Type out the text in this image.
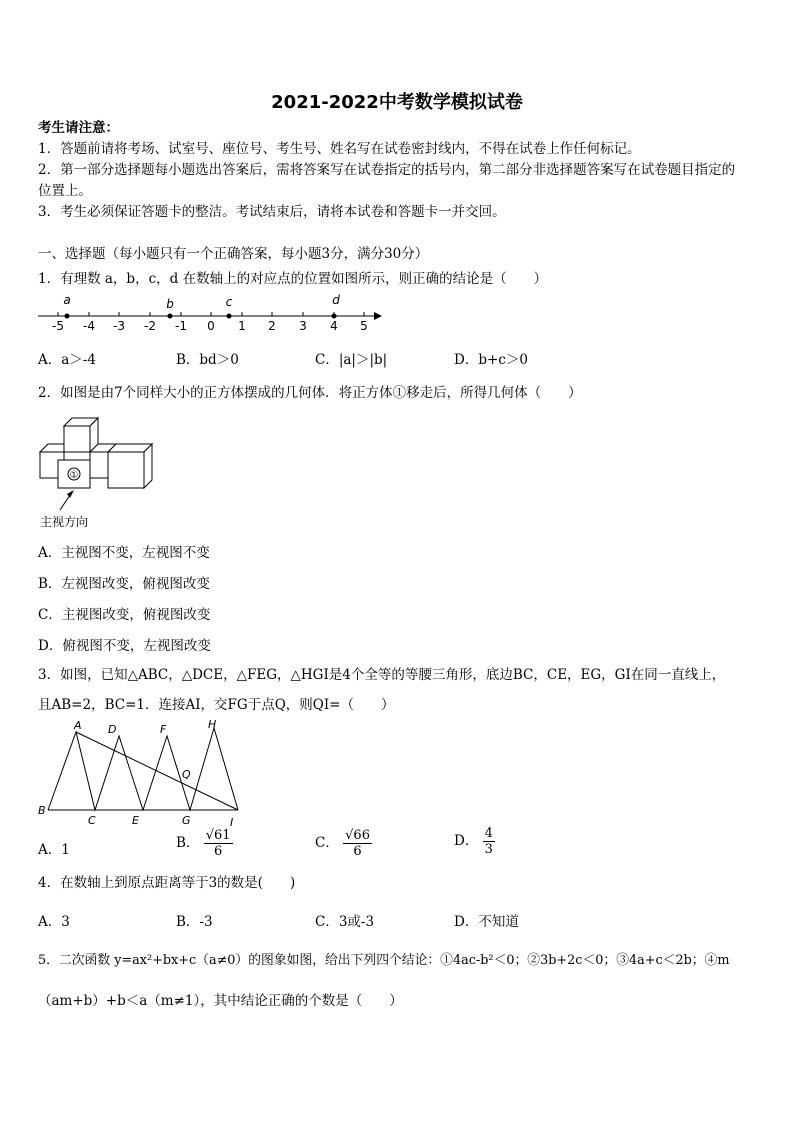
2021-2022中考数学模拟试卷
考生请注意：
1．答题前请将考场、试室号、座位号、考生号、姓名写在试卷密封线内，不得在试卷上作任何标记。
2．第一部分选择题每小题选出答案后，需将答案写在试卷指定的括号内，第二部分非选择题答案写在试卷题目指定的
位置上。
3．考生必须保证答题卡的整洁。考试结束后，请将本试卷和答题卡一并交回。
一、选择题（每小题只有一个正确答案，每小题3分，满分30分）
1．有理数 a，b，c，d 在数轴上的对应点的位置如图所示，则正确的结论是（　　）
-5 -4 -3 -2 -1 0 1 2 3 4 5
a	b	c	d
A．a＞-4	B．bd＞0	C．|a|＞|b|	D．b+c＞0
2．如图是由7个同样大小的正方体摆成的几何体．将正方体①移走后，所得几何体（　　）
①
主视方向
A．主视图不变，左视图不变
B．左视图改变，俯视图改变
C．主视图改变，俯视图改变
D．俯视图不变，左视图改变
3．如图，已知△ABC，△DCE，△FEG，△HGI是4个全等的等腰三角形，底边BC，CE，EG，GI在同一直线上，
且AB=2，BC=1．连接AI，交FG于点Q，则QI=（　　）
A D	F	H
Q
B
C	E	G	I
A．1	B． $\frac{√61}{6}$	C． $\frac{√66}{6}$	D． $\frac{4}{3}$
4．在数轴上到原点距离等于3的数是(　　)
A．3	B．-3	C．3或-3	D．不知道
5．二次函数 y=ax²+bx+c（a≠0）的图象如图，给出下列四个结论：①4ac-b²＜0；②3b+2c＜0；③4a+c＜2b；④m
（am+b）+b＜a（m≠1），其中结论正确的个数是（　　）
